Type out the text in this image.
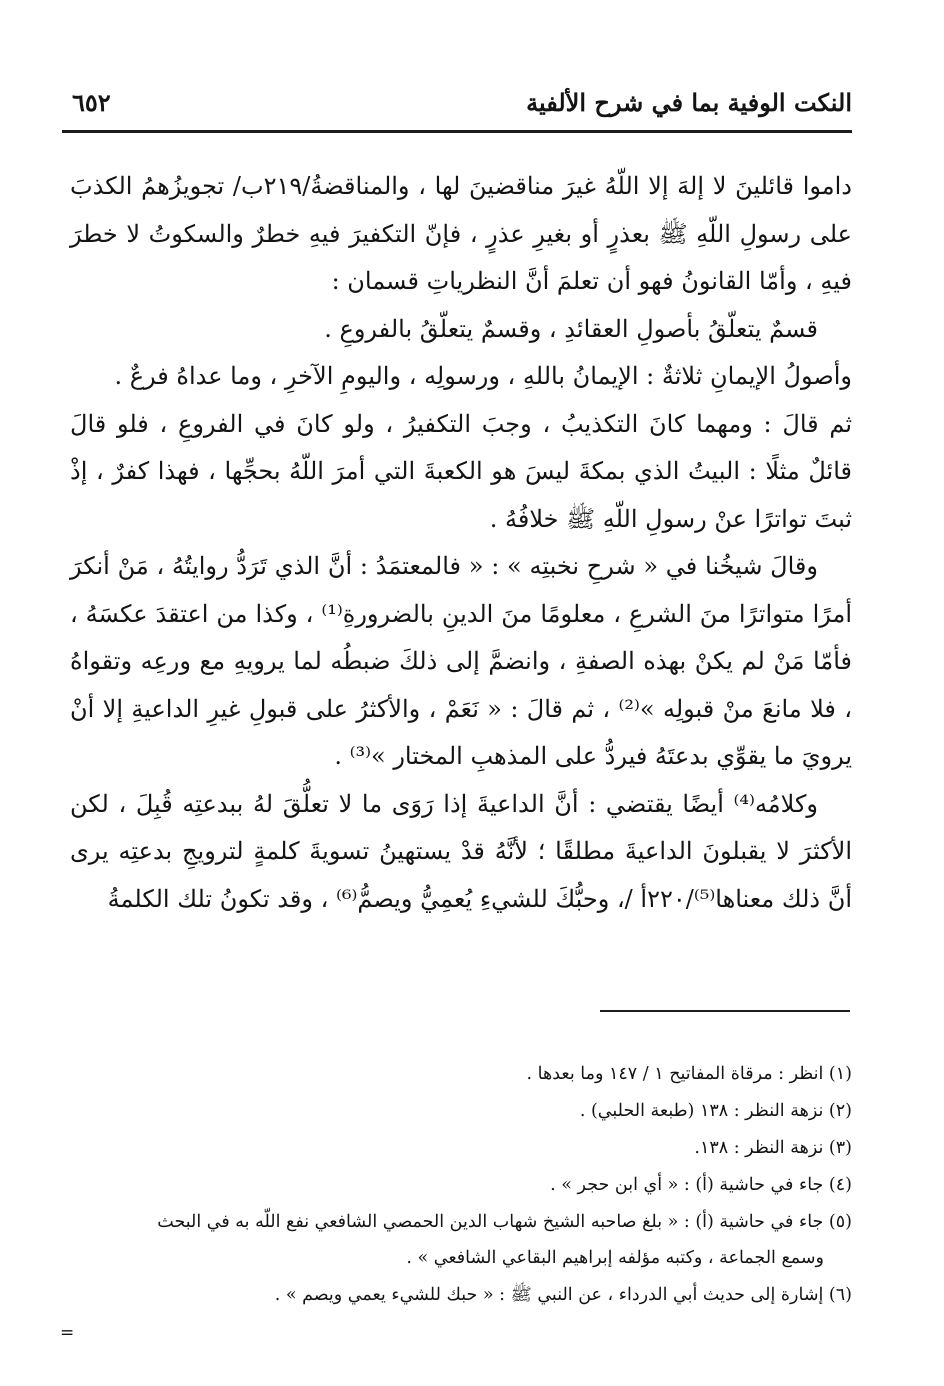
النكت الوفية بما في شرح الألفية
٦٥٢

داموا قائلينَ لا إلهَ إلا اللّهُ غيرَ مناقضينَ لها ، والمناقضةُ/٢١٩ب/ تجويزُهمُ الكذبَ على رسولِ اللّهِ ﷺ بعذرٍ أو بغيرِ عذرٍ ، فإنّ التكفيرَ فيهِ خطرٌ والسكوتُ لا خطرَ فيهِ ، وأمّا القانونُ فهو أن تعلمَ أنَّ النظرياتِ قسمان :

قسمٌ يتعلّقُ بأصولِ العقائدِ ، وقسمٌ يتعلّقُ بالفروعِ .

وأصولُ الإيمانِ ثلاثةٌ : الإيمانُ باللهِ ، ورسولِه ، واليومِ الآخرِ ، وما عداهُ فرعٌ .

ثم قالَ : ومهما كانَ التكذيبُ ، وجبَ التكفيرُ ، ولو كانَ في الفروعِ ، فلو قالَ قائلٌ مثلًا : البيتُ الذي بمكةَ ليسَ هو الكعبةَ التي أمرَ اللّهُ بحجِّها ، فهذا كفرٌ ، إذْ ثبتَ تواترًا عنْ رسولِ اللّهِ ﷺ خلافُهُ .

وقالَ شيخُنا في « شرحِ نخبتِه » : « فالمعتمَدُ : أنَّ الذي تَرَدُّ روايتُهُ ، مَنْ أنكرَ أمرًا متواترًا منَ الشرعِ ، معلومًا منَ الدينِ بالضرورةِ⁽¹⁾ ، وكذا من اعتقدَ عكسَهُ ، فأمّا مَنْ لم يكنْ بهذه الصفةِ ، وانضمَّ إلى ذلكَ ضبطُه لما يرويهِ مع ورعِه وتقواهُ ، فلا مانعَ منْ قبولِه »⁽²⁾ ، ثم قالَ : « نَعَمْ ، والأكثرُ على قبولِ غيرِ الداعيةِ إلا أنْ يرويَ ما يقوِّي بدعتَهُ فيردُّ على المذهبِ المختار »⁽³⁾ .

وكلامُه⁽⁴⁾ أيضًا يقتضي : أنَّ الداعيةَ إذا رَوَى ما لا تعلُّقَ لهُ ببدعتِه قُبِلَ ، لكن الأكثرَ لا يقبلونَ الداعيةَ مطلقًا ؛ لأنَّهُ قدْ يستهينُ تسويةَ كلمةٍ لترويجِ بدعتِه يرى أنَّ ذلك معناها⁽⁵⁾/٢٢٠أ /، وحبُّكَ للشيءِ يُعمِيُّ ويصمُّ⁽⁶⁾ ، وقد تكونُ تلك الكلمةُ

(١) انظر : مرقاة المفاتيح ١ / ١٤٧ وما بعدها .
(٢) نزهة النظر : ١٣٨ (طبعة الحلبي) .
(٣) نزهة النظر : ١٣٨.
(٤) جاء في حاشية (أ) : « أي ابن حجر » .
(٥) جاء في حاشية (أ) : « بلغ صاحبه الشيخ شهاب الدين الحمصي الشافعي نفع اللّه به في البحث
وسمع الجماعة ، وكتبه مؤلفه إبراهيم البقاعي الشافعي » .
(٦) إشارة إلى حديث أبي الدرداء ، عن النبي ﷺ : « حبك للشيء يعمي ويصم » .
=
